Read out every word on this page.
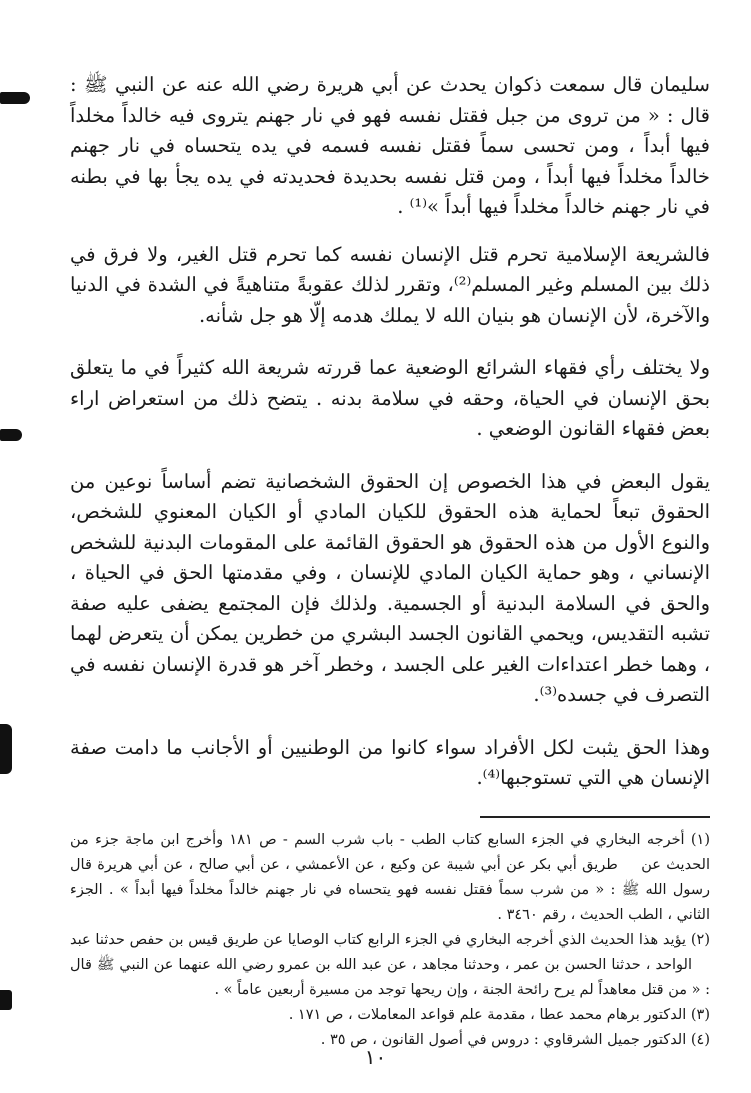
سليمان قال سمعت ذكوان يحدث عن أبي هريرة رضي الله عنه عن النبي ﷺ : قال : « من تروى من جبل فقتل نفسه فهو في نار جهنم يتروى فيه خالداً مخلداً فيها أبداً ، ومن تحسى سماً فقتل نفسه فسمه في يده يتحساه في نار جهنم خالداً مخلداً فيها أبداً ، ومن قتل نفسه بحديدة فحديدته في يده يجأ بها في بطنه في نار جهنم خالداً مخلداً فيها أبداً »⁽¹⁾ .

فالشريعة الإسلامية تحرم قتل الإنسان نفسه كما تحرم قتل الغير، ولا فرق في ذلك بين المسلم وغير المسلم⁽²⁾، وتقرر لذلك عقوبةً متناهيةً في الشدة في الدنيا والآخرة، لأن الإنسان هو بنيان الله لا يملك هدمه إلّا هو جل شأنه.

ولا يختلف رأي فقهاء الشرائع الوضعية عما قررته شريعة الله كثيراً في ما يتعلق بحق الإنسان في الحياة، وحقه في سلامة بدنه . يتضح ذلك من استعراض اراء بعض فقهاء القانون الوضعي .

يقول البعض في هذا الخصوص إن الحقوق الشخصانية تضم أساساً نوعين من الحقوق تبعاً لحماية هذه الحقوق للكيان المادي أو الكيان المعنوي للشخص، والنوع الأول من هذه الحقوق هو الحقوق القائمة على المقومات البدنية للشخص الإنساني ، وهو حماية الكيان المادي للإنسان ، وفي مقدمتها الحق في الحياة ، والحق في السلامة البدنية أو الجسمية. ولذلك فإن المجتمع يضفى عليه صفة تشبه التقديس، ويحمي القانون الجسد البشري من خطرين يمكن أن يتعرض لهما ، وهما خطر اعتداءات الغير على الجسد ، وخطر آخر هو قدرة الإنسان نفسه في التصرف في جسده⁽³⁾.

وهذا الحق يثبت لكل الأفراد سواء كانوا من الوطنيين أو الأجانب ما دامت صفة الإنسان هي التي تستوجبها⁽⁴⁾.

(١) أخرجه البخاري في الجزء السابع كتاب الطب - باب شرب السم - ص ١٨١ وأخرج ابن ماجة جزء من الحديث عن طريق أبي بكر عن أبي شيبة عن وكيع ، عن الأعمشي ، عن أبي صالح ، عن أبي هريرة قال رسول الله ﷺ : « من شرب سماً فقتل نفسه فهو يتحساه في نار جهنم خالداً مخلداً فيها أبداً » . الجزء الثاني ، الطب الحديث ، رقم ٣٤٦٠ .

(٢) يؤيد هذا الحديث الذي أخرجه البخاري في الجزء الرابع كتاب الوصايا عن طريق قيس بن حفص حدثنا عبد الواحد ، حدثنا الحسن بن عمر ، وحدثنا مجاهد ، عن عبد الله بن عمرو رضي الله عنهما عن النبي ﷺ قال : « من قتل معاهداً لم يرح رائحة الجنة ، وإن ريحها توجد من مسيرة أربعين عاماً » .

(٣) الدكتور برهام محمد عطا ، مقدمة علم قواعد المعاملات ، ص ١٧١ .

(٤) الدكتور جميل الشرقاوي : دروس في أصول القانون ، ص ٣٥ .

١٠
